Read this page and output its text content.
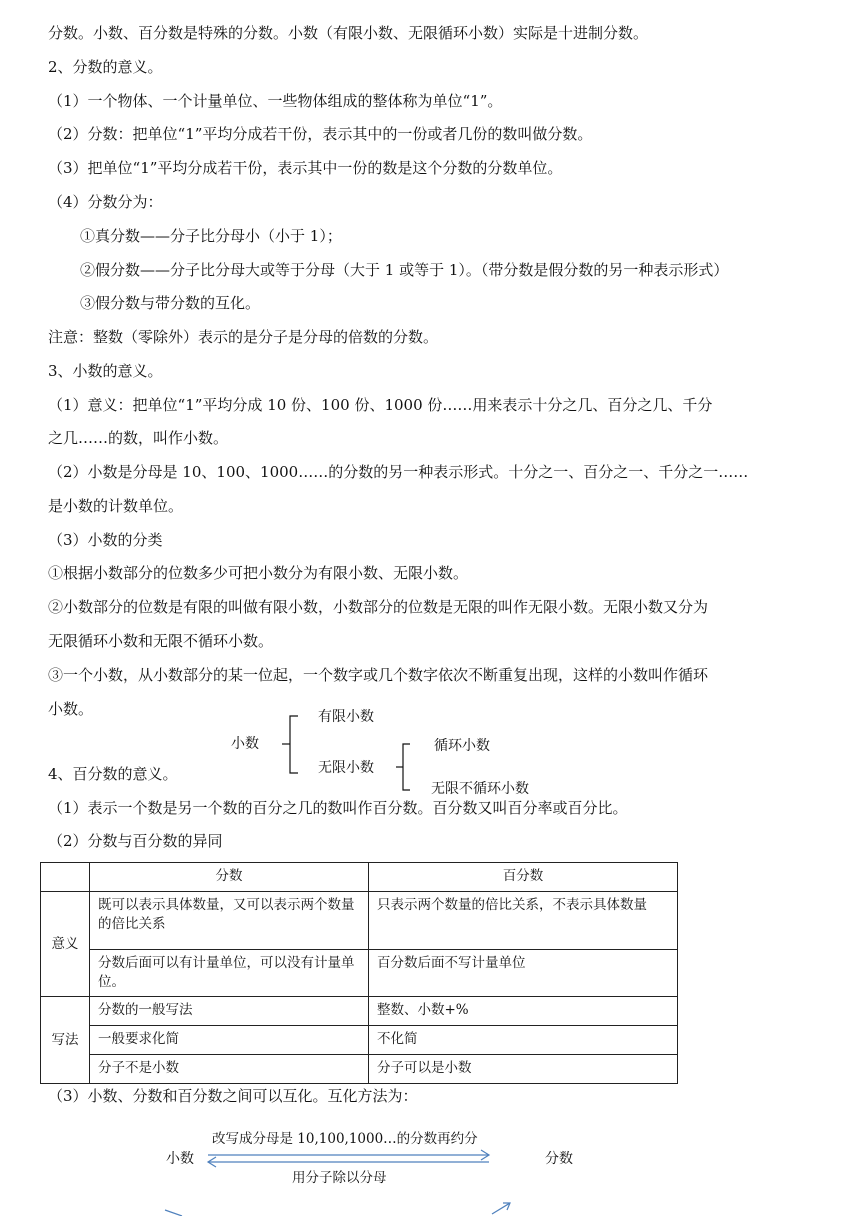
分数。小数、百分数是特殊的分数。小数（有限小数、无限循环小数）实际是十进制分数。
2、分数的意义。
（1）一个物体、一个计量单位、一些物体组成的整体称为单位“1”。
（2）分数：把单位“1”平均分成若干份，表示其中的一份或者几份的数叫做分数。
（3）把单位“1”平均分成若干份，表示其中一份的数是这个分数的分数单位。
（4）分数分为：
①真分数——分子比分母小（小于 1）；
②假分数——分子比分母大或等于分母（大于 1 或等于 1）。（带分数是假分数的另一种表示形式）
③假分数与带分数的互化。
注意：整数（零除外）表示的是分子是分母的倍数的分数。
3、小数的意义。
（1）意义：把单位“1”平均分成 10 份、100 份、1000 份……用来表示十分之几、百分之几、千分
之几……的数，叫作小数。
（2）小数是分母是 10、100、1000……的分数的另一种表示形式。十分之一、百分之一、千分之一……
是小数的计数单位。
（3）小数的分类
①根据小数部分的位数多少可把小数分为有限小数、无限小数。
②小数部分的位数是有限的叫做有限小数，小数部分的位数是无限的叫作无限小数。无限小数又分为
无限循环小数和无限不循环小数。
③一个小数，从小数部分的某一位起，一个数字或几个数字依次不断重复出现，这样的小数叫作循环
小数。
4、百分数的意义。
（1）表示一个数是另一个数的百分之几的数叫作百分数。百分数又叫百分率或百分比。
（2）分数与百分数的异同
（3）小数、分数和百分数之间可以互化。互化方法为：
小数
有限小数
无限小数
循环小数
无限不循环小数
	分数	百分数
意义	既可以表示具体数量，又可以表示两个数量的倍比关系	只表示两个数量的倍比关系，不表示具体数量
	分数后面可以有计量单位，可以没有计量单位。	百分数后面不写计量单位
写法	分数的一般写法	整数、小数+%
	一般要求化简	不化简
	分子不是小数	分子可以是小数
小数	分数
改写成分母是 10,100,1000…的分数再约分
用分子除以分母
